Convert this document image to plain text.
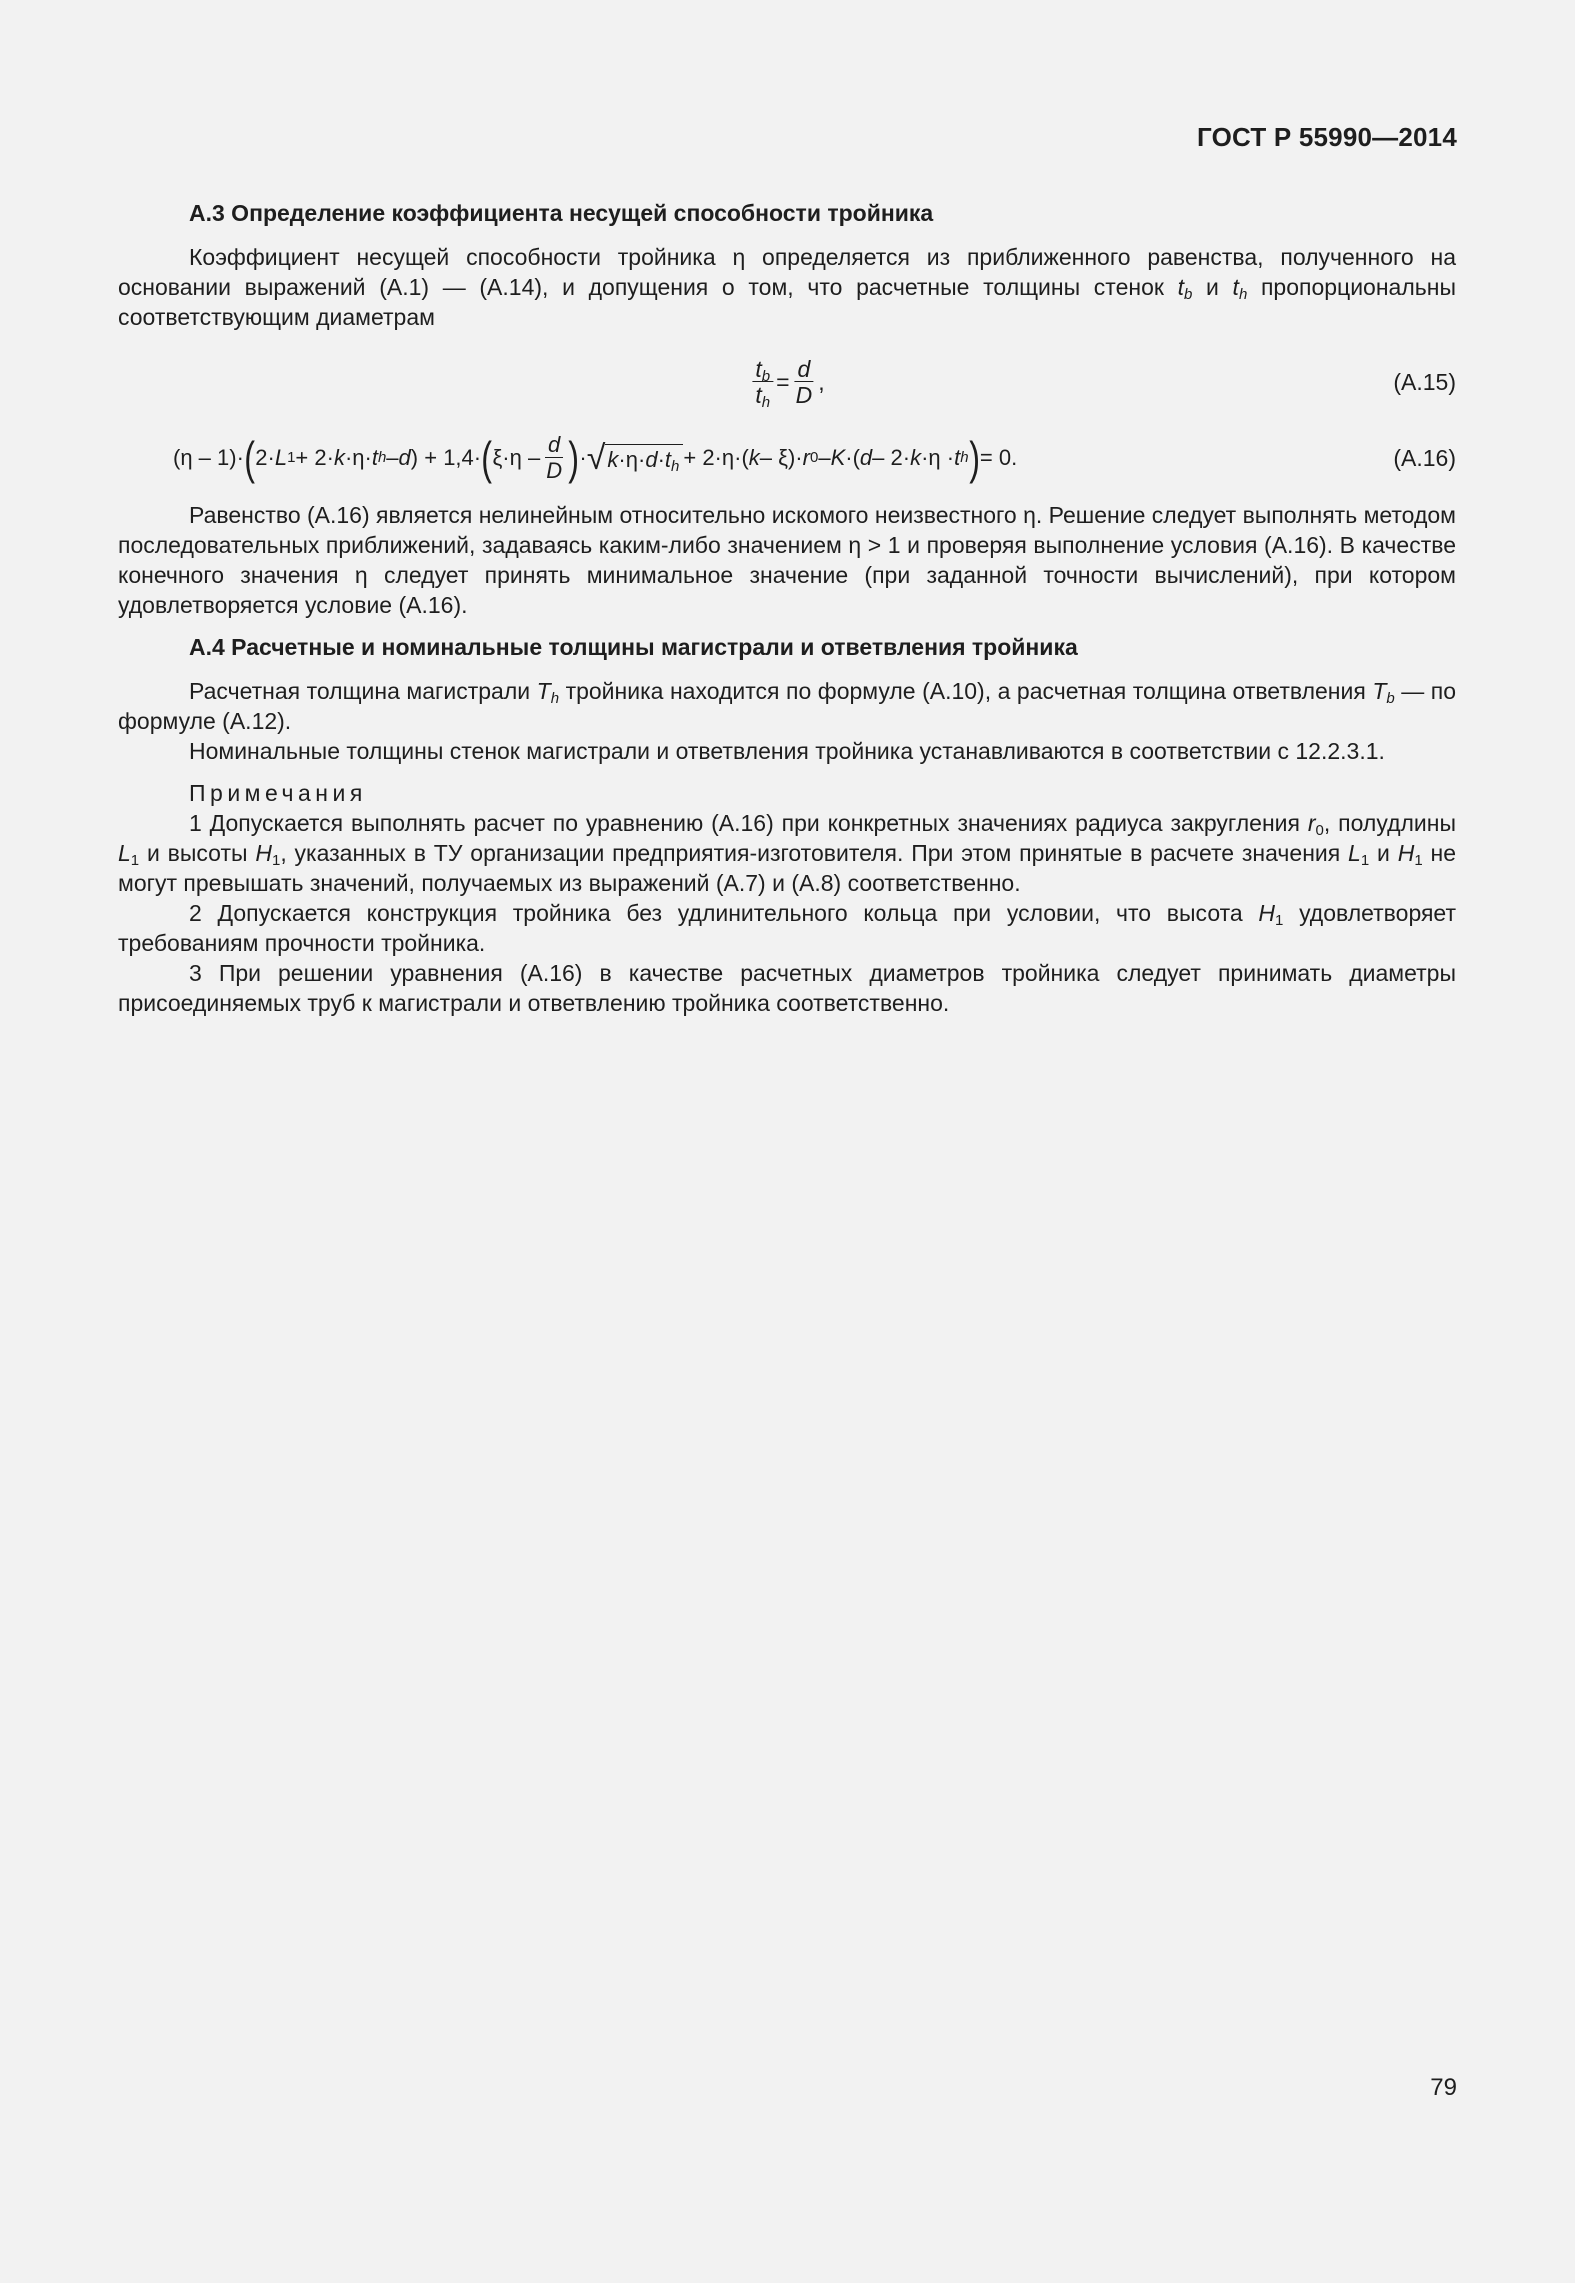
ГОСТ Р 55990—2014

А.3 Определение коэффициента несущей способности тройника

Коэффициент несущей способности тройника η определяется из приближенного равенства, полученного на основании выражений (А.1) — (А.14), и допущения о том, что расчетные толщины стенок $t_b$ и $t_h$ пропорциональны соответствующим диаметрам

$\frac{t_b}{t_h} = \frac{d}{D}$ ,	(А.15)
(η – 1)· ( 2· L 1 + 2· k ·η· t h – d ) + 1,4· ( $\xi\cdot\eta - \frac{d}{D}$ ) · √ $k\cdot\eta\cdot d\cdot t_h + 2\cdot\eta\cdot$( k – ξ)· r 0 – K ·( d – 2· k ·η · t h ) = 0.	(А.16)

Равенство (А.16) является нелинейным относительно искомого неизвестного η. Решение следует выполнять методом последовательных приближений, задаваясь каким-либо значением η > 1 и проверяя выполнение условия (А.16). В качестве конечного значения η следует принять минимальное значение (при заданной точности вычислений), при котором удовлетворяется условие (А.16).

А.4 Расчетные и номинальные толщины магистрали и ответвления тройника

Расчетная толщина магистрали $T_h$ тройника находится по формуле (А.10), а расчетная толщина ответвления $T_b$ — по формуле (А.12).

Номинальные толщины стенок магистрали и ответвления тройника устанавливаются в соответствии с 12.2.3.1.

Примечания

1 Допускается выполнять расчет по уравнению (А.16) при конкретных значениях радиуса закругления $r_0$, полудлины $L_1$ и высоты $H_1$, указанных в ТУ организации предприятия-изготовителя. При этом принятые в расчете значения $L_1$ и $H_1$ не могут превышать значений, получаемых из выражений (А.7) и (А.8) соответственно.

2 Допускается конструкция тройника без удлинительного кольца при условии, что высота $H_1$ удовлетворяет требованиям прочности тройника.

3 При решении уравнения (А.16) в качестве расчетных диаметров тройника следует принимать диаметры присоединяемых труб к магистрали и ответвлению тройника соответственно.

79
